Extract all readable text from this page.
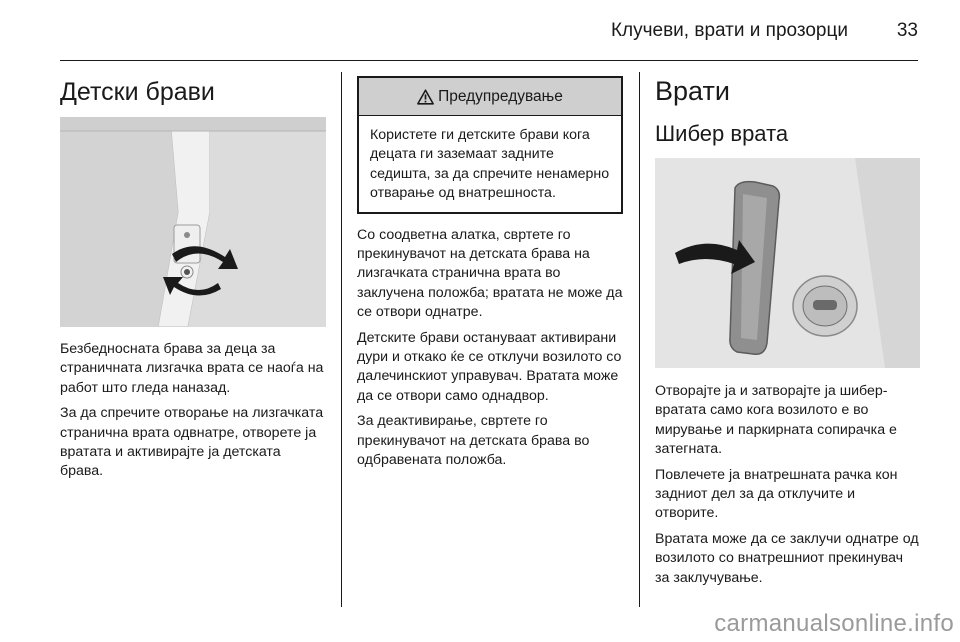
Клучеви, врати и прозорци	33
Детски брави

Безбедносната брава за деца за страничната лизгачка врата се наоѓа на работ што гледа наназад.

За да спречите отворање на лизгачката странична врата одвнатре, отворете ја вратата и активирајте ја детската брава.

Предупредување

Користете ги детските брави кога децата ги заземаат задните седишта, за да спречите ненамерно отварање од внатрешноста.

Со соодветна алатка, свртете го прекинувачот на детската брава на лизгачката странична врата во заклучена положба; вратата не може да се отвори однатре.

Детските брави остануваат активирани дури и откако ќе се отклучи возилото со далечинскиот управувач. Вратата може да се отвори само однадвор.

За деактивирање, свртете го прекинувачот на детската брава во одбравената положба.

Врати
Шибер врата

Отворајте ја и затворајте ја шибер-вратата само кога возилото е во мирување и паркирната сопирачка е затегната.

Повлечете ја внатрешната рачка кон задниот дел за да отклучите и отворите.

Вратата може да се заклучи однатре од возилото со внатрешниот прекинувач за заклучување.

carmanualsonline.info
